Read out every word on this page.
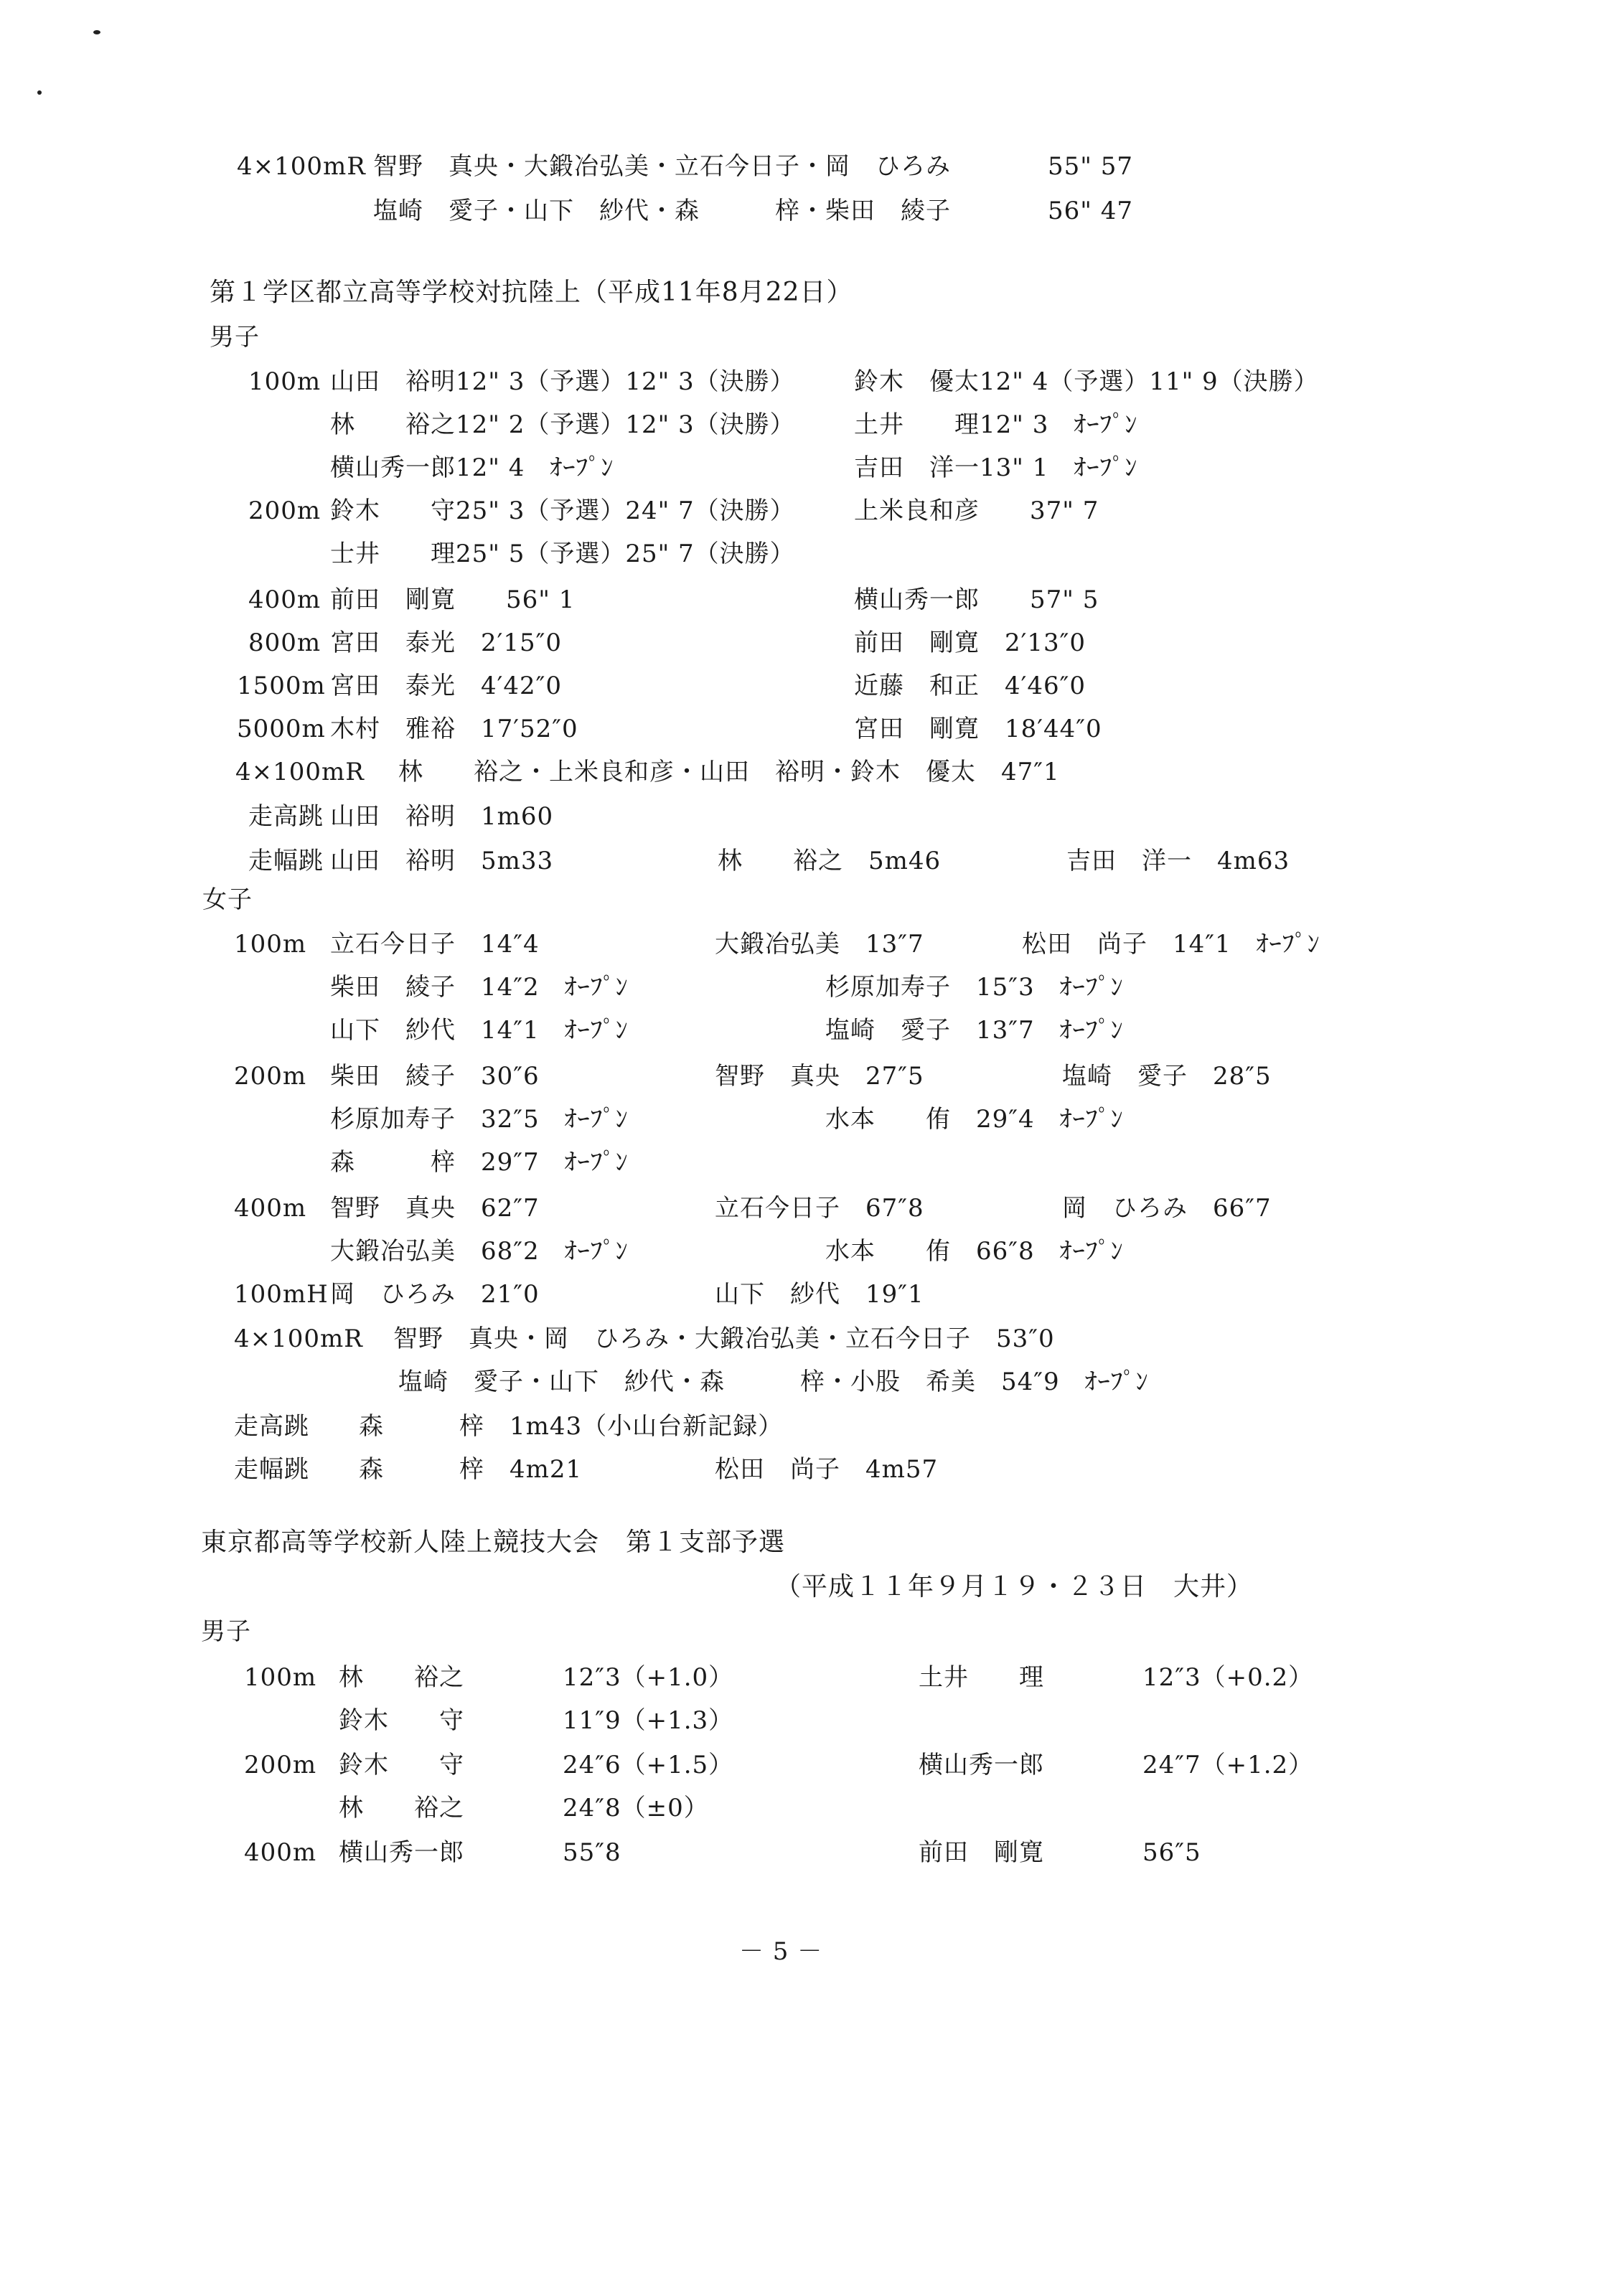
4×100mR 智野　真央・大鍛冶弘美・立石今日子・岡　ひろみ	55" 57
塩崎　愛子・山下　紗代・森　　　梓・柴田　綾子	56" 47
第１学区都立高等学校対抗陸上（平成11年8月22日）
男子
100m 山田　裕明12" 3（予選）12" 3（決勝） 鈴木　優太12" 4（予選）11" 9（決勝）
林　　裕之12" 2（予選）12" 3（決勝） 土井　　理12" 3　ｵｰﾌﾟﾝ
横山秀一郎12" 4　ｵｰﾌﾟﾝ	吉田　洋一13" 1　ｵｰﾌﾟﾝ
200m 鈴木　　守25" 3（予選）24" 7（決勝） 上米良和彦　　37" 7
士井　　理25" 5（予選）25" 7（決勝）
400m 前田　剛寛　　56" 1	横山秀一郎　　57" 5
800m 宮田　泰光　2′15″0	前田　剛寛　2′13″0
1500m 宮田　泰光　4′42″0	近藤　和正　4′46″0
5000m 木村　雅裕　17′52″0	宮田　剛寛　18′44″0
4×100mR 林　　裕之・上米良和彦・山田　裕明・鈴木　優太　47″1
走高跳 山田　裕明　1m60
走幅跳 山田　裕明　5m33	林　　裕之　5m46	吉田　洋一　4m63
女子
100m 立石今日子　14″4	大鍛冶弘美　13″7	松田　尚子　14″1　ｵｰﾌﾟﾝ
柴田　綾子　14″2　ｵｰﾌﾟﾝ	杉原加寿子　15″3　ｵｰﾌﾟﾝ
山下　紗代　14″1　ｵｰﾌﾟﾝ	塩崎　愛子　13″7　ｵｰﾌﾟﾝ
200m 柴田　綾子　30″6	智野　真央　27″5	塩崎　愛子　28″5
杉原加寿子　32″5　ｵｰﾌﾟﾝ	水本　　侑　29″4　ｵｰﾌﾟﾝ
森　　　梓　29″7　ｵｰﾌﾟﾝ
400m 智野　真央　62″7	立石今日子　67″8	岡　ひろみ　66″7
大鍛冶弘美　68″2　ｵｰﾌﾟﾝ	水本　　侑　66″8　ｵｰﾌﾟﾝ
100mH 岡　ひろみ　21″0	山下　紗代　19″1
4×100mR 智野　真央・岡　ひろみ・大鍛冶弘美・立石今日子　53″0
　塩崎　愛子・山下　紗代・森　　　梓・小股　希美　54″9　ｵｰﾌﾟﾝ
走高跳 森　　　梓　1m43（小山台新記録）
走幅跳 森　　　梓　4m21	松田　尚子　4m57
東京都高等学校新人陸上競技大会　第１支部予選
（平成１１年９月１９・２３日　大井）
男子
100m 林　　裕之	12″3（+1.0）	土井　　理	12″3（+0.2）
鈴木　　守	11″9（+1.3）
200m 鈴木　　守	24″6（+1.5）	横山秀一郎	24″7（+1.2）
林　　裕之	24″8（±0）
400m 横山秀一郎	55″8	前田　剛寛	56″5
－ 5 －
